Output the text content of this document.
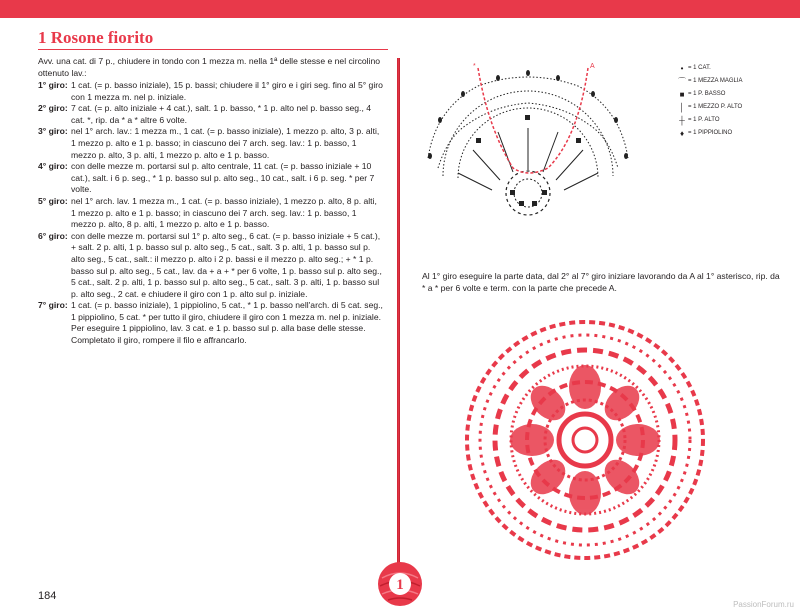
1 Rosone fiorito
Avv. una cat. di 7 p., chiudere in tondo con 1 mezza m. nella 1ª delle stesse e nel circolino ottenuto lav.:
1° giro: 1 cat. (= p. basso iniziale), 15 p. bassi; chiudere il 1° giro e i giri seg. fino al 5° giro con 1 mezza m. nel p. iniziale.

2° giro: 7 cat. (= p. alto iniziale + 4 cat.), salt. 1 p. basso, * 1 p. alto nel p. basso seg., 4 cat. *, rip. da * a * altre 6 volte.

3° giro: nel 1° arch. lav.: 1 mezza m., 1 cat. (= p. basso iniziale), 1 mezzo p. alto, 3 p. alti, 1 mezzo p. alto e 1 p. basso; in ciascuno dei 7 arch. seg. lav.: 1 p. basso, 1 mezzo p. alto, 3 p. alti, 1 mezzo p. alto e 1 p. basso.

4° giro: con delle mezze m. portarsi sul p. alto centrale, 11 cat. (= p. basso iniziale + 10 cat.), salt. i 6 p. seg., * 1 p. basso sul p. alto seg., 10 cat., salt. i 6 p. seg. * per 7 volte.

5° giro: nel 1° arch. lav. 1 mezza m., 1 cat. (= p. basso iniziale), 1 mezzo p. alto, 8 p. alti, 1 mezzo p. alto e 1 p. basso; in ciascuno dei 7 arch. seg. lav.: 1 p. basso, 1 mezzo p. alto, 8 p. alti, 1 mezzo p. alto e 1 p. basso.

6° giro: con delle mezze m. portarsi sul 1° p. alto seg., 6 cat. (= p. basso iniziale + 5 cat.), + salt. 2 p. alti, 1 p. basso sul p. alto seg., 5 cat., salt. 3 p. alti, 1 p. basso sul p. alto seg., 5 cat., salt.: il mezzo p. alto i 2 p. bassi e il mezzo p. alto seg.; + * 1 p. basso sul p. alto seg., 5 cat., lav. da + a + * per 6 volte, 1 p. basso sul p. alto seg., 5 cat., salt. 2 p. alti, 1 p. basso sul p. alto seg., 5 cat., salt. 3 p. alti, 1 p. basso sul p. alto seg., 2 cat. e chiudere il giro con 1 p. alto sul p. iniziale.

7° giro: 1 cat. (= p. basso iniziale), 1 pippiolino, 5 cat., * 1 p. basso nell'arch. di 5 cat. seg., 1 pippiolino, 5 cat. * per tutto il giro, chiudere il giro con 1 mezza m. nel p. iniziale.

Per eseguire 1 pippiolino, lav. 3 cat. e 1 p. basso sul p. alla base delle stesse. Completato il giro, rompere il filo e affrancarlo.

184
PassionForum.ru
1
*	A	• = 1 CAT.
⌒ = 1 MEZZA MAGLIA
■ = 1 P. BASSO
│ = 1 MEZZO P. ALTO
┼ = 1 P. ALTO
♦ = 1 PIPPIOLINO
Al 1° giro eseguire la parte data, dal 2° al 7° giro iniziare lavorando da A al 1° asterisco, rip. da * a * per 6 volte e term. con la parte che precede A.
